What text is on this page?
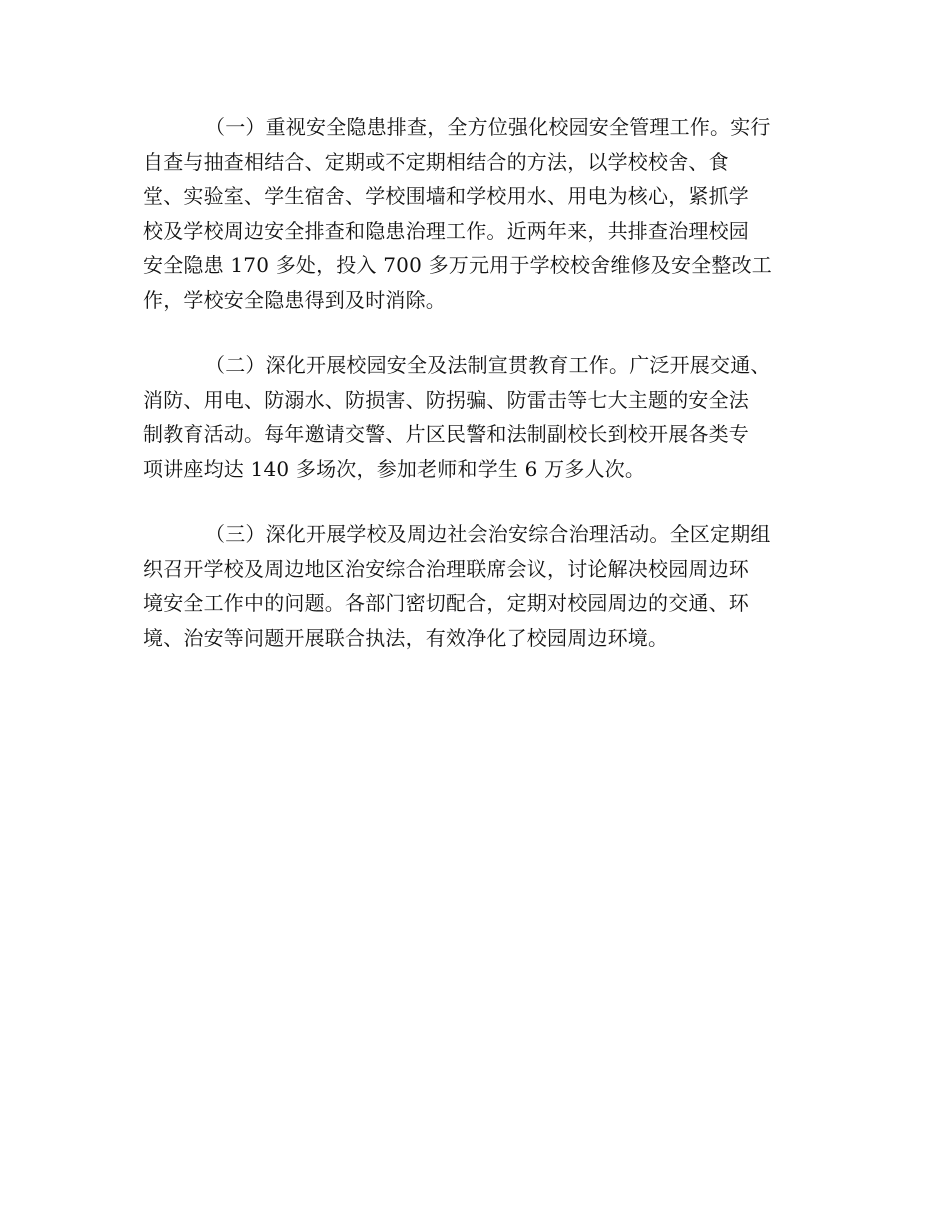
（一）重视安全隐患排查，全方位强化校园安全管理工作。实行
自查与抽查相结合、定期或不定期相结合的方法，以学校校舍、食
堂、实验室、学生宿舍、学校围墙和学校用水、用电为核心，紧抓学
校及学校周边安全排查和隐患治理工作。近两年来，共排查治理校园
安全隐患 170 多处，投入 700 多万元用于学校校舍维修及安全整改工
作，学校安全隐患得到及时消除。

（二）深化开展校园安全及法制宣贯教育工作。广泛开展交通、
消防、用电、防溺水、防损害、防拐骗、防雷击等七大主题的安全法
制教育活动。每年邀请交警、片区民警和法制副校长到校开展各类专
项讲座均达 140 多场次，参加老师和学生 6 万多人次。

（三）深化开展学校及周边社会治安综合治理活动。全区定期组
织召开学校及周边地区治安综合治理联席会议，讨论解决校园周边环
境安全工作中的问题。各部门密切配合，定期对校园周边的交通、环
境、治安等问题开展联合执法，有效净化了校园周边环境。
